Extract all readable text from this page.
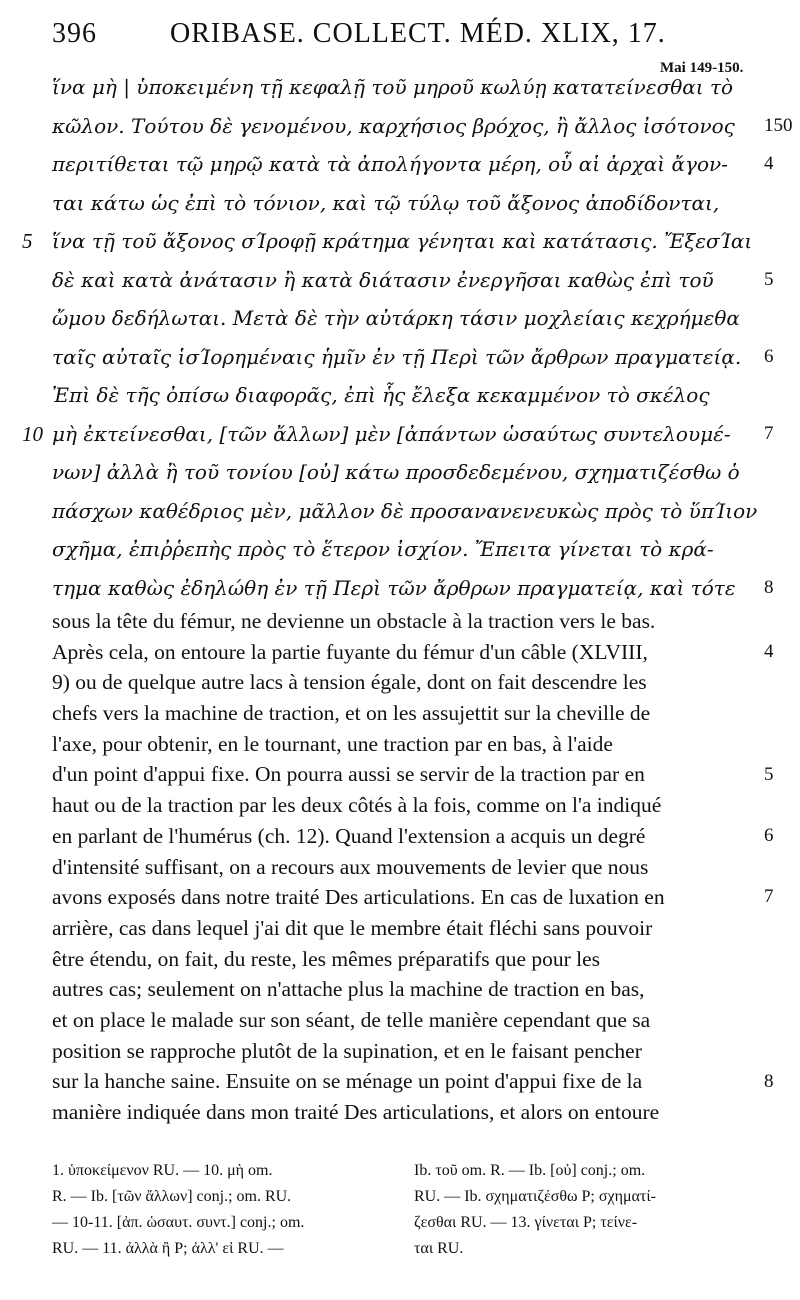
396	ORIBASE. COLLECT. MÉD. XLIX, 17.
Mai 149-150.
ἵνα μὴ | ὑποκειμένη τῇ κεφαλῇ τοῦ μηροῦ κωλύῃ κατατείνεσθαι τὸ
κῶλον. Τούτου δὲ γενομένου, καρχήσιος βρόχος, ἢ ἄλλος ἰσότονος
περιτίθεται τῷ μηρῷ κατὰ τὰ ἀπολήγοντα μέρη, οὗ αἱ ἀρχαὶ ἄγον-
ται κάτω ὡς ἐπὶ τὸ τόνιον, καὶ τῷ τύλῳ τοῦ ἄξονος ἀποδίδονται,
ἵνα τῇ τοῦ ἄξονος σΊροφῇ κράτημα γένηται καὶ κατάτασις. ἜξεσΊαι
5
δὲ καὶ κατὰ ἀνάτασιν ἢ κατὰ διάτασιν ἐνεργῆσαι καθὼς ἐπὶ τοῦ
ὤμου δεδήλωται. Μετὰ δὲ τὴν αὐτάρκη τάσιν μοχλείαις κεχρήμεθα
ταῖς αὐταῖς ἱσΊορημέναις ἡμῖν ἐν τῇ Περὶ τῶν ἄρθρων πραγματείᾳ.
Ἐπὶ δὲ τῆς ὀπίσω διαφορᾶς, ἐπὶ ἧς ἔλεξα κεκαμμένον τὸ σκέλος
μὴ ἐκτείνεσθαι, [τῶν ἄλλων] μὲν [ἀπάντων ὡσαύτως συντελουμέ-
10
νων] ἀλλὰ ἢ τοῦ τονίου [οὐ] κάτω προσδεδεμένου, σχηματιζέσθω ὁ
πάσχων καθέδριος μὲν, μᾶλλον δὲ προσανανενευκὼς πρὸς τὸ ὕπΊιον
σχῆμα, ἐπιῤῥεπὴς πρὸς τὸ ἕτερον ἰσχίον. Ἔπειτα γίνεται τὸ κρά-
τημα καθὼς ἐδηλώθη ἐν τῇ Περὶ τῶν ἄρθρων πραγματείᾳ, καὶ τότε
150
4
5
6
7
8
sous la tête du fémur, ne devienne un obstacle à la traction vers le bas.
Après cela, on entoure la partie fuyante du fémur d'un câble (XLVIII,
9) ou de quelque autre lacs à tension égale, dont on fait descendre les
chefs vers la machine de traction, et on les assujettit sur la cheville de
l'axe, pour obtenir, en le tournant, une traction par en bas, à l'aide
d'un point d'appui fixe. On pourra aussi se servir de la traction par en
haut ou de la traction par les deux côtés à la fois, comme on l'a indiqué
en parlant de l'humérus (ch. 12). Quand l'extension a acquis un degré
d'intensité suffisant, on a recours aux mouvements de levier que nous
avons exposés dans notre traité Des articulations. En cas de luxation en
arrière, cas dans lequel j'ai dit que le membre était fléchi sans pouvoir
être étendu, on fait, du reste, les mêmes préparatifs que pour les
autres cas; seulement on n'attache plus la machine de traction en bas,
et on place le malade sur son séant, de telle manière cependant que sa
position se rapproche plutôt de la supination, et en le faisant pencher
sur la hanche saine. Ensuite on se ménage un point d'appui fixe de la
manière indiquée dans mon traité Des articulations, et alors on entoure
4
5
6
7
8
1. ὑποκείμενον RU. — 10. μὴ om.
R. — Ib. [τῶν ἄλλων] conj.; om. RU.
— 10-11. [ἀπ. ὡσαυτ. συντ.] conj.; om.
RU. — 11. ἀλλὰ ἢ P; ἀλλ' εἰ RU. —
Ib. τοῦ om. R. — Ib. [οὐ] conj.; om.
RU. — Ib. σχηματιζέσθω P; σχηματί-
ζεσθαι RU. — 13. γίνεται P; τείνε-
ται RU.
